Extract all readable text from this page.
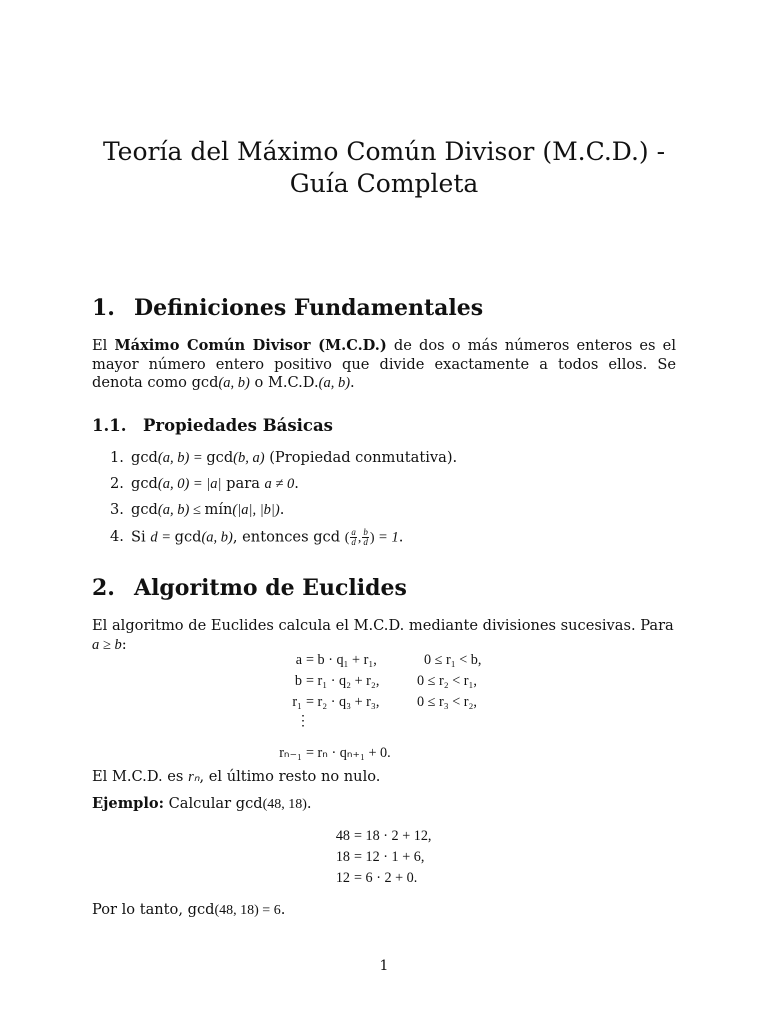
Teoría del Máximo Común Divisor (M.C.D.) - Guía Completa
1. Definiciones Fundamentales
El Máximo Común Divisor (M.C.D.) de dos o más números enteros es el mayor número entero positivo que divide exactamente a todos ellos. Se denota como gcd(a, b) o M.C.D.(a, b).
1.1. Propiedades Básicas
1. gcd(a, b) = gcd(b, a) (Propiedad conmutativa).
2. gcd(a, 0) = |a| para a ≠ 0.
3. gcd(a, b) ≤ mín(|a|, |b|).
4. Si d = gcd(a, b), entonces gcd ( $\frac{a}{d}$ , $\frac{b}{d}$ ) = 1.
2. Algoritmo de Euclides
El algoritmo de Euclides calcula el M.C.D. mediante divisiones sucesivas. Para
a ≥ b:
a = b · q₁ + r₁,	0 ≤ r₁ < b,
b = r₁ · q₂ + r₂,	0 ≤ r₂ < r₁,
r₁ = r₂ · q₃ + r₃,	0 ≤ r₃ < r₂,
⋮
rₙ₋₁ = rₙ · qₙ₊₁ + 0.
El M.C.D. es rₙ, el último resto no nulo.
Ejemplo: Calcular gcd(48, 18).
48 = 18 · 2 + 12,
18 = 12 · 1 + 6,
12 = 6 · 2 + 0.
Por lo tanto, gcd(48, 18) = 6.
1
